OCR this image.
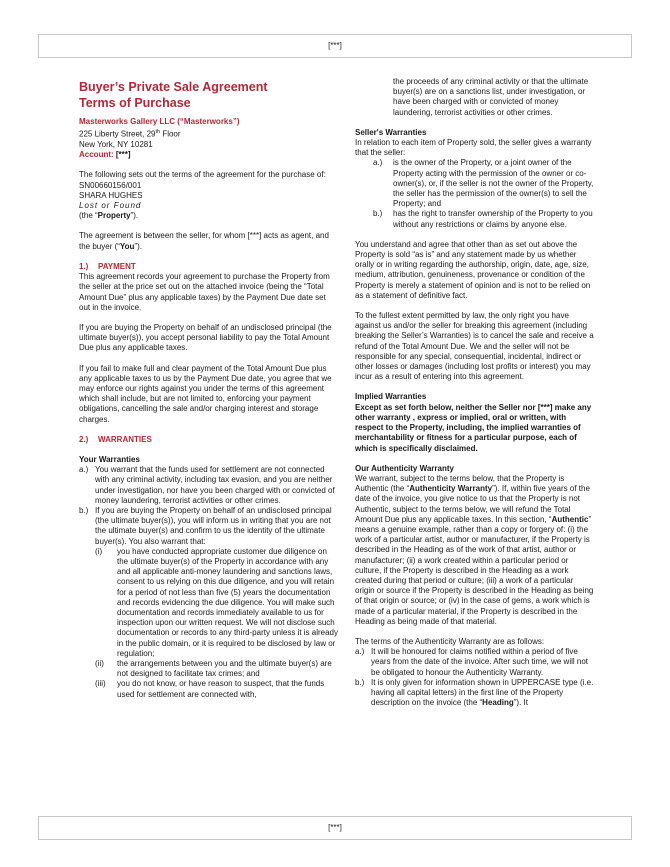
[***]

Buyer’s Private Sale Agreement

Terms of Purchase

Masterworks Gallery LLC (“Masterworks”)

225 Liberty Street, 29th Floor

New York, NY 10281

Account: [***]

The following sets out the terms of the agreement for the purchase of:

SN00660156/001

SHARA HUGHES

Lost or Found

(the “Property”).

The agreement is between the seller, for whom [***] acts as agent, and the buyer (“You”).

1.) PAYMENT

This agreement records your agreement to purchase the Property from the seller at the price set out on the attached invoice (being the “Total Amount Due” plus any applicable taxes) by the Payment Due date set out in the invoice.

If you are buying the Property on behalf of an undisclosed principal (the ultimate buyer(s)), you accept personal liability to pay the Total Amount Due plus any applicable taxes.

If you fail to make full and clear payment of the Total Amount Due plus any applicable taxes to us by the Payment Due date, you agree that we may enforce our rights against you under the terms of this agreement which shall include, but are not limited to, enforcing your payment obligations, cancelling the sale and/or charging interest and storage charges.

2.) WARRANTIES

Your Warranties

a.) You warrant that the funds used for settlement are not connected with any criminal activity, including tax evasion, and you are neither under investigation, nor have you been charged with or convicted of money laundering, terrorist activities or other crimes.
b.) If you are buying the Property on behalf of an undisclosed principal (the ultimate buyer(s)), you will inform us in writing that you are not the ultimate buyer(s) and confirm to us the identity of the ultimate buyer(s). You also warrant that:
(i)	you have conducted appropriate customer due diligence on the ultimate buyer(s) of the Property in accordance with any and all applicable anti-money laundering and sanctions laws, consent to us relying on this due diligence, and you will retain for a period of not less than five (5) years the documentation and records evidencing the due diligence. You will make such documentation and records immediately available to us for inspection upon our written request. We will not disclose such documentation or records to any third-party unless it is already in the public domain, or it is required to be disclosed by law or regulation;
(ii)	the arrangements between you and the ultimate buyer(s) are not designed to facilitate tax crimes; and
(iii)	you do not know, or have reason to suspect, that the funds used for settlement are connected with,

the proceeds of any criminal activity or that the ultimate buyer(s) are on a sanctions list, under investigation, or have been charged with or convicted of money laundering, terrorist activities or other crimes.

Seller's Warranties

In relation to each item of Property sold, the seller gives a warranty that the seller:

a.)	is the owner of the Property, or a joint owner of the Property acting with the permission of the owner or co-owner(s), or, if the seller is not the owner of the Property, the seller has the permission of the owner(s) to sell the Property; and
b.)	has the right to transfer ownership of the Property to you without any restrictions or claims by anyone else.

You understand and agree that other than as set out above the Property is sold “as is” and any statement made by us whether orally or in writing regarding the authorship, origin, date, age, size, medium, attribution, genuineness, provenance or condition of the Property is merely a statement of opinion and is not to be relied on as a statement of definitive fact.

To the fullest extent permitted by law, the only right you have against us and/or the seller for breaking this agreement (including breaking the Seller’s Warranties) is to cancel the sale and receive a refund of the Total Amount Due. We and the seller will not be responsible for any special, consequential, incidental, indirect or other losses or damages (including lost profits or interest) you may incur as a result of entering into this agreement.

Implied Warranties

Except as set forth below, neither the Seller nor [***] make any other warranty , express or implied, oral or written, with respect to the Property, including, the implied warranties of merchantability or fitness for a particular purpose, each of which is specifically disclaimed.

Our Authenticity Warranty

We warrant, subject to the terms below, that the Property is Authentic (the “Authenticity Warranty”). If, within five years of the date of the invoice, you give notice to us that the Property is not Authentic, subject to the terms below, we will refund the Total Amount Due plus any applicable taxes. In this section, “Authentic” means a genuine example, rather than a copy or forgery of: (i) the work of a particular artist, author or manufacturer, if the Property is described in the Heading as of the work of that artist, author or manufacturer; (ii) a work created within a particular period or culture, if the Property is described in the Heading as a work created during that period or culture; (iii) a work of a particular origin or source if the Property is described in the Heading as being of that origin or source; or (iv) in the case of gems, a work which is made of a particular material, if the Property is described in the Heading as being made of that material.

The terms of the Authenticity Warranty are as follows:

a.) It will be honoured for claims notified within a period of five years from the date of the invoice. After such time, we will not be obligated to honour the Authenticity Warranty.
b.) It is only given for information shown in UPPERCASE type (i.e. having all capital letters) in the first line of the Property description on the invoice (the “Heading”). It
[***]
